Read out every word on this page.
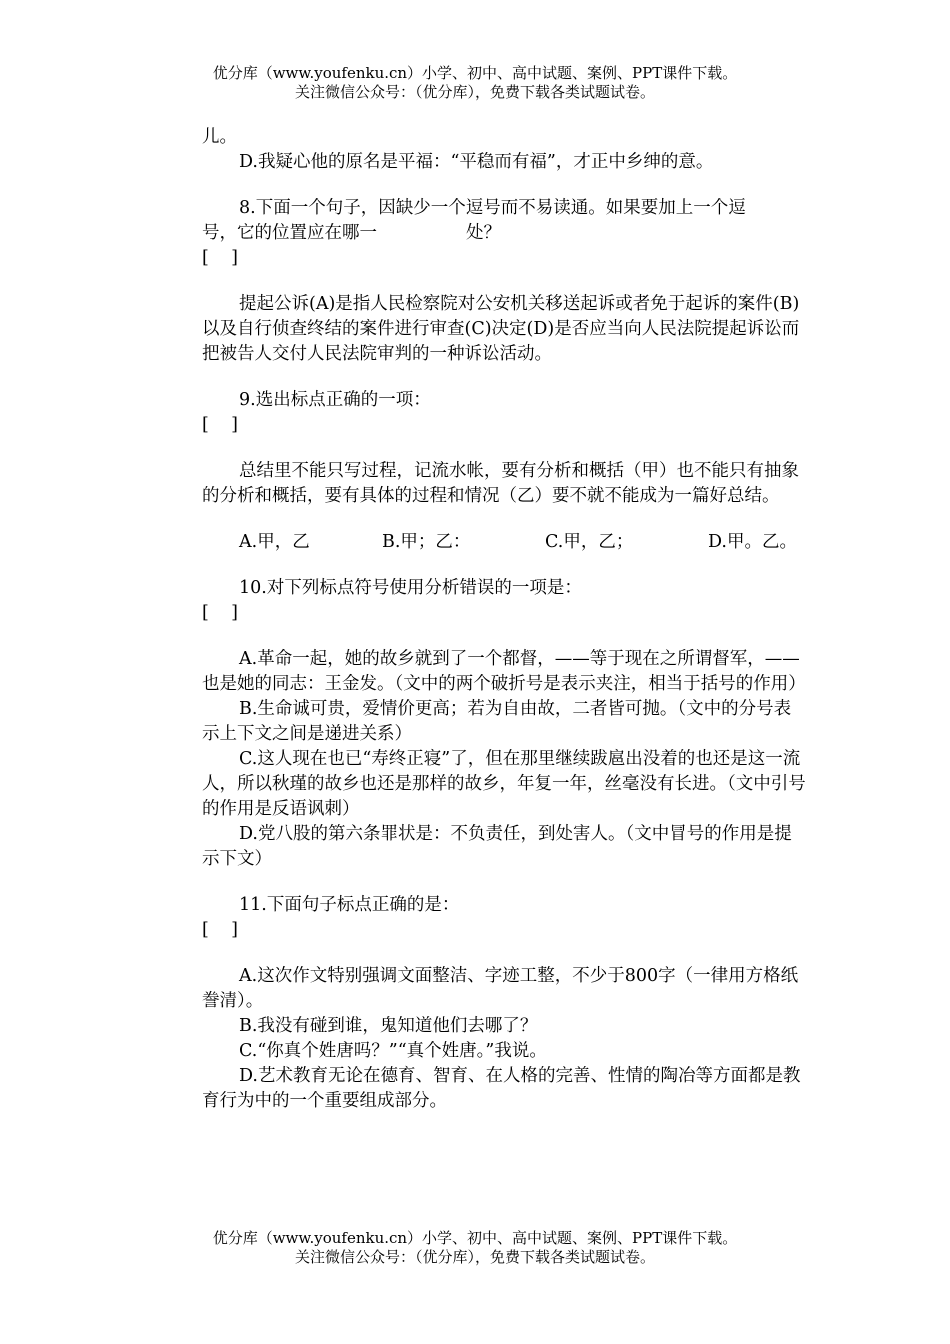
优分库（www.youfenku.cn）小学、初中、高中试题、案例、PPT课件下载。
关注微信公众号：（优分库），免费下载各类试题试卷。

儿。

D.我疑心他的原名是平福：“平稳而有福”，才正中乡绅的意。

8.下面一个句子，因缺少一个逗号而不易读通。如果要加上一个逗

号，它的位置应在哪一                处？

[    ]

提起公诉(A)是指人民检察院对公安机关移送起诉或者免于起诉的案件(B)以及自行侦查终结的案件进行审查(C)决定(D)是否应当向人民法院提起诉讼而把被告人交付人民法院审判的一种诉讼活动。

9.选出标点正确的一项：

[    ]

总结里不能只写过程，记流水帐，要有分析和概括（甲）也不能只有抽象的分析和概括，要有具体的过程和情况（乙）要不就不能成为一篇好总结。

A.甲，乙	B.甲；乙：	C.甲，乙；	D.甲。乙。

10.对下列标点符号使用分析错误的一项是：

[    ]

A.革命一起，她的故乡就到了一个都督，——等于现在之所谓督军，——也是她的同志：王金发。（文中的两个破折号是表示夹注，相当于括号的作用）

B.生命诚可贵，爱情价更高；若为自由故，二者皆可抛。（文中的分号表示上下文之间是递进关系）

C.这人现在也已“寿终正寝”了，但在那里继续跋扈出没着的也还是这一流人，所以秋瑾的故乡也还是那样的故乡，年复一年，丝毫没有长进。（文中引号的作用是反语讽刺）

D.党八股的第六条罪状是：不负责任，到处害人。（文中冒号的作用是提示下文）

11.下面句子标点正确的是：

[    ]

A.这次作文特别强调文面整洁、字迹工整，不少于800字（一律用方格纸誊清）。

B.我没有碰到谁，鬼知道他们去哪了？

C.“你真个姓唐吗？”“真个姓唐。”我说。

D.艺术教育无论在德育、智育、在人格的完善、性情的陶冶等方面都是教育行为中的一个重要组成部分。

优分库（www.youfenku.cn）小学、初中、高中试题、案例、PPT课件下载。
关注微信公众号：（优分库），免费下载各类试题试卷。
